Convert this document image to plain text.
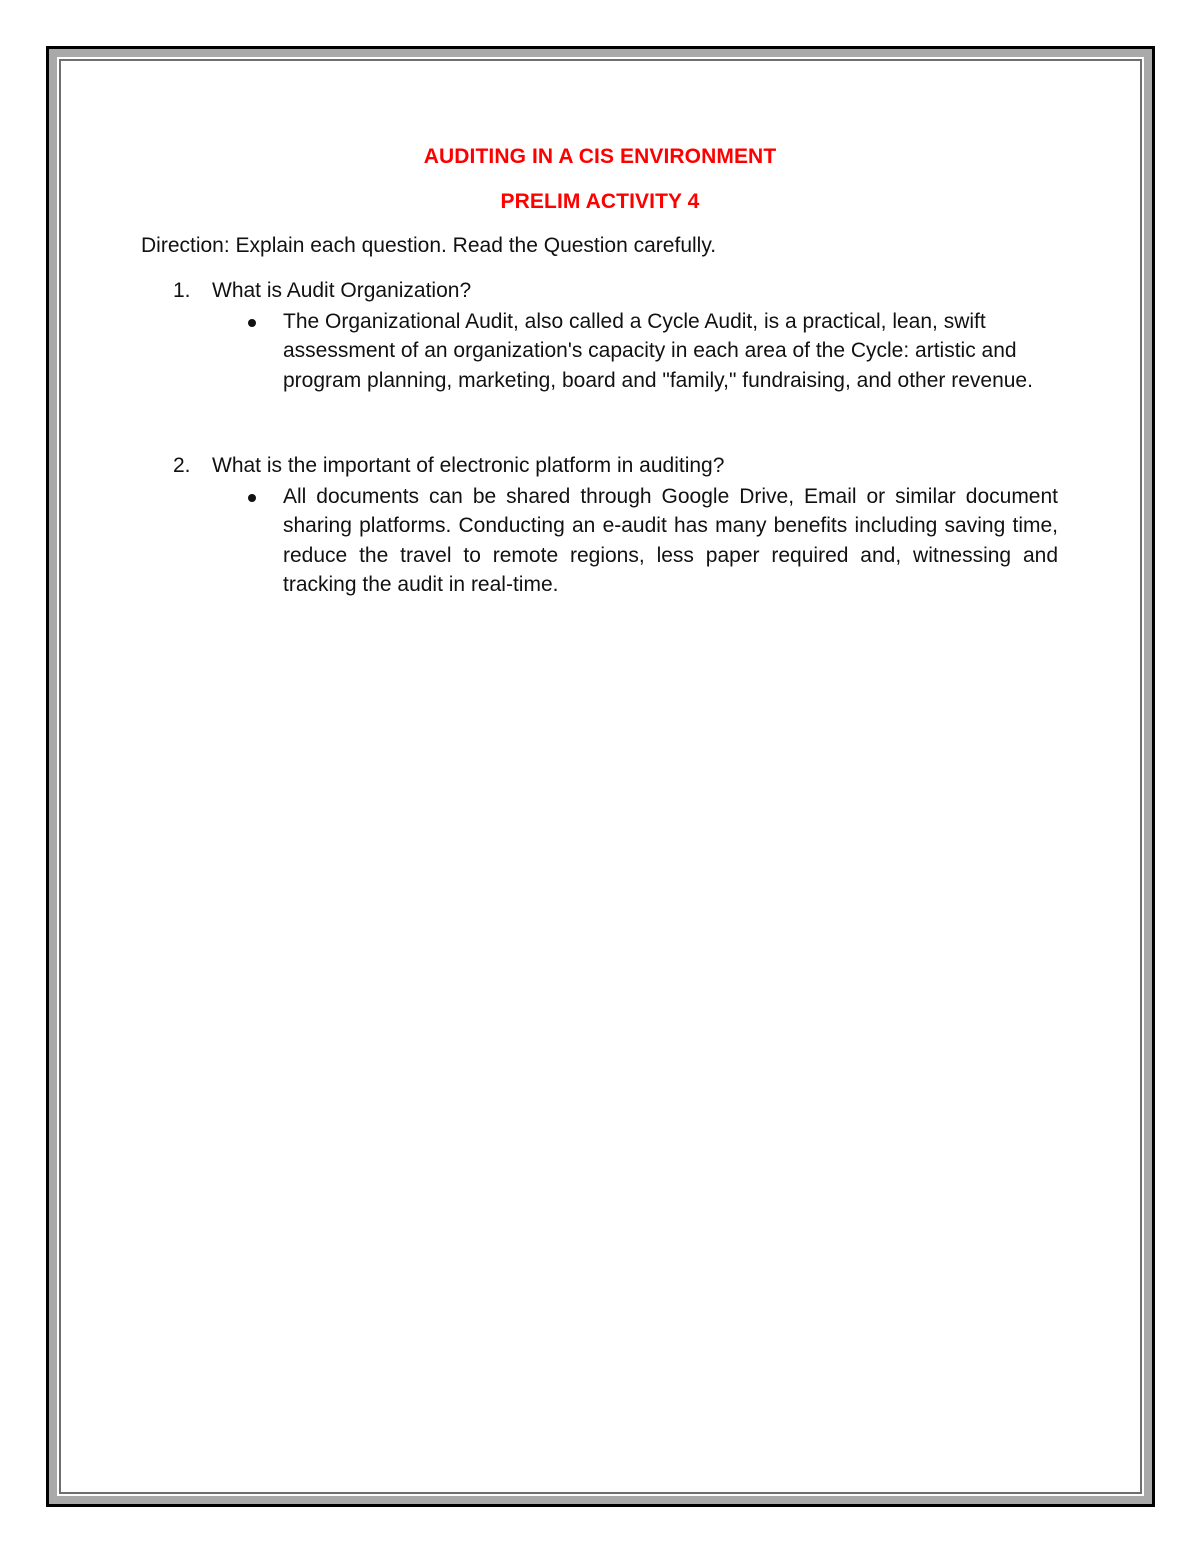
AUDITING IN A CIS ENVIRONMENT
PRELIM ACTIVITY 4
Direction: Explain each question. Read the Question carefully.
1. What is Audit Organization?
The Organizational Audit, also called a Cycle Audit, is a practical, lean, swift assessment of an organization's capacity in each area of the Cycle: artistic and program planning, marketing, board and "family," fundraising, and other revenue.
2. What is the important of electronic platform in auditing?
All documents can be shared through Google Drive, Email or similar document sharing platforms. Conducting an e-audit has many benefits including saving time, reduce the travel to remote regions, less paper required and, witnessing and tracking the audit in real-time.
